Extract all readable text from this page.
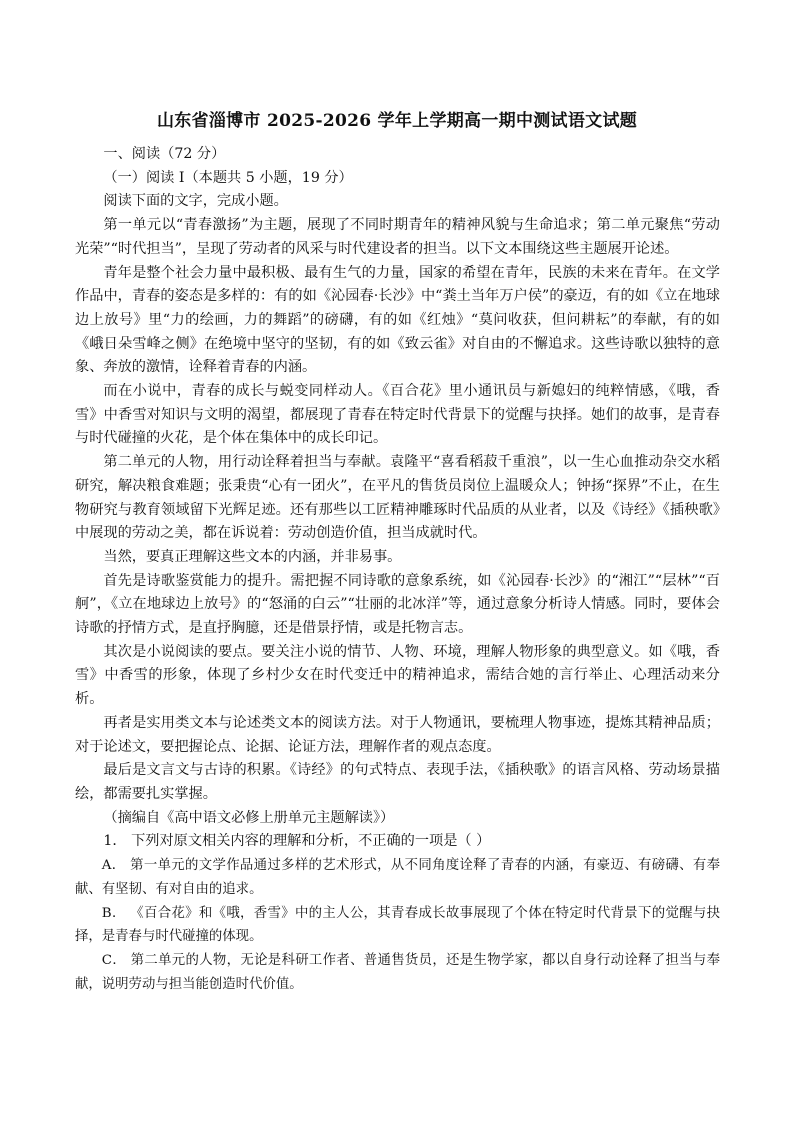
山东省淄博市 2025-2026 学年上学期高一期中测试语文试题

一、阅读（72 分）

（一）阅读 I（本题共 5 小题，19 分）

阅读下面的文字，完成小题。

第一单元以“青春激扬”为主题，展现了不同时期青年的精神风貌与生命追求；第二单元聚焦“劳动光荣”“时代担当”，呈现了劳动者的风采与时代建设者的担当。以下文本围绕这些主题展开论述。

青年是整个社会力量中最积极、最有生气的力量，国家的希望在青年，民族的未来在青年。在文学作品中，青春的姿态是多样的：有的如《沁园春·长沙》中“粪土当年万户侯”的豪迈，有的如《立在地球边上放号》里“力的绘画，力的舞蹈”的磅礴，有的如《红烛》“莫问收获，但问耕耘”的奉献，有的如《峨日朵雪峰之侧》在绝境中坚守的坚韧，有的如《致云雀》对自由的不懈追求。这些诗歌以独特的意象、奔放的激情，诠释着青春的内涵。

而在小说中，青春的成长与蜕变同样动人。《百合花》里小通讯员与新媳妇的纯粹情感，《哦，香雪》中香雪对知识与文明的渴望，都展现了青春在特定时代背景下的觉醒与抉择。她们的故事，是青春与时代碰撞的火花，是个体在集体中的成长印记。

第二单元的人物，用行动诠释着担当与奉献。袁隆平“喜看稻菽千重浪”，以一生心血推动杂交水稻研究，解决粮食难题；张秉贵“心有一团火”，在平凡的售货员岗位上温暖众人；钟扬“探界”不止，在生物研究与教育领域留下光辉足迹。还有那些以工匠精神雕琢时代品质的从业者，以及《诗经》《插秧歌》中展现的劳动之美，都在诉说着：劳动创造价值，担当成就时代。

当然，要真正理解这些文本的内涵，并非易事。

首先是诗歌鉴赏能力的提升。需把握不同诗歌的意象系统，如《沁园春·长沙》的“湘江”“层林”“百舸”，《立在地球边上放号》的“怒涌的白云”“壮丽的北冰洋”等，通过意象分析诗人情感。同时，要体会诗歌的抒情方式，是直抒胸臆，还是借景抒情，或是托物言志。

其次是小说阅读的要点。要关注小说的情节、人物、环境，理解人物形象的典型意义。如《哦，香雪》中香雪的形象，体现了乡村少女在时代变迁中的精神追求，需结合她的言行举止、心理活动来分析。

再者是实用类文本与论述类文本的阅读方法。对于人物通讯，要梳理人物事迹，提炼其精神品质；对于论述文，要把握论点、论据、论证方法，理解作者的观点态度。

最后是文言文与古诗的积累。《诗经》的句式特点、表现手法，《插秧歌》的语言风格、劳动场景描绘，都需要扎实掌握。

（摘编自《高中语文必修上册单元主题解读》）

1． 下列对原文相关内容的理解和分析，不正确的一项是（ ）

A． 第一单元的文学作品通过多样的艺术形式，从不同角度诠释了青春的内涵，有豪迈、有磅礴、有奉献、有坚韧、有对自由的追求。

B． 《百合花》和《哦，香雪》中的主人公，其青春成长故事展现了个体在特定时代背景下的觉醒与抉择，是青春与时代碰撞的体现。

C． 第二单元的人物，无论是科研工作者、普通售货员，还是生物学家，都以自身行动诠释了担当与奉献，说明劳动与担当能创造时代价值。
